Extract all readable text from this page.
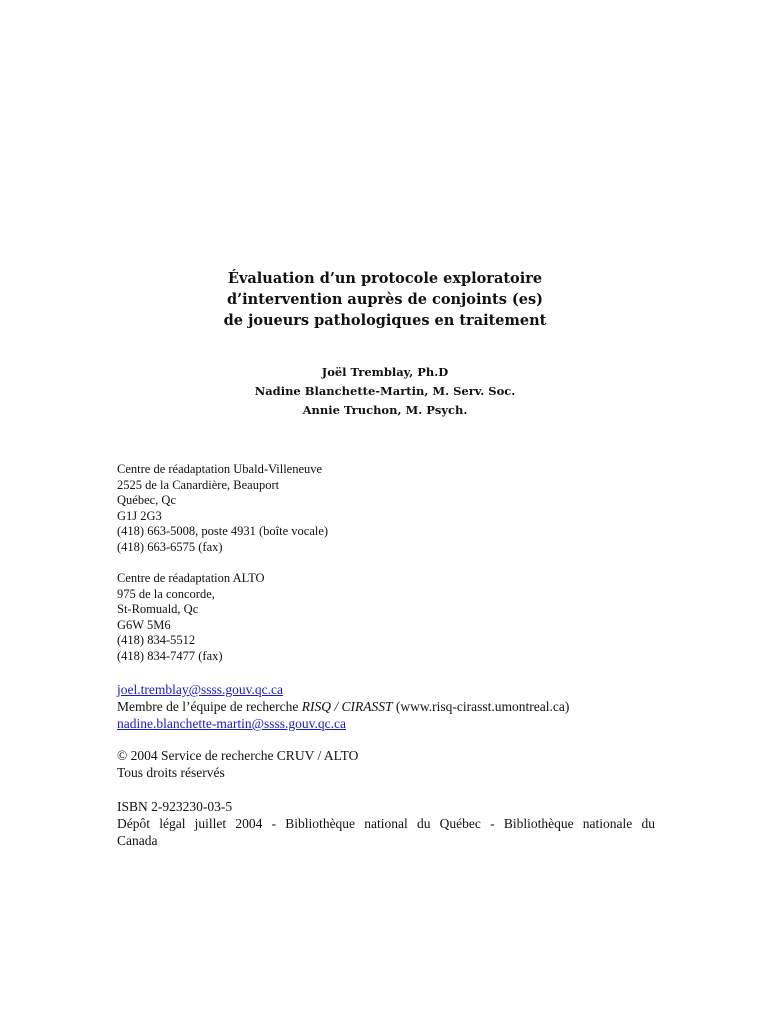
Évaluation d’un protocole exploratoire
d’intervention auprès de conjoints (es)
de joueurs pathologiques en traitement
Joël Tremblay, Ph.D
Nadine Blanchette-Martin, M. Serv. Soc.
Annie Truchon, M. Psych.
Centre de réadaptation Ubald-Villeneuve
2525 de la Canardière, Beauport
Québec, Qc
G1J 2G3
(418) 663-5008, poste 4931 (boîte vocale)
(418) 663-6575 (fax)
Centre de réadaptation ALTO
975 de la concorde,
St-Romuald, Qc
G6W 5M6
(418) 834-5512
(418) 834-7477 (fax)
joel.tremblay@ssss.gouv.qc.ca
Membre de l’équipe de recherche RISQ / CIRASST (www.risq-cirasst.umontreal.ca)
nadine.blanchette-martin@ssss.gouv.qc.ca
© 2004 Service de recherche CRUV / ALTO
Tous droits réservés
ISBN 2-923230-03-5
Dépôt légal juillet 2004 - Bibliothèque national du Québec - Bibliothèque nationale du
Canada
